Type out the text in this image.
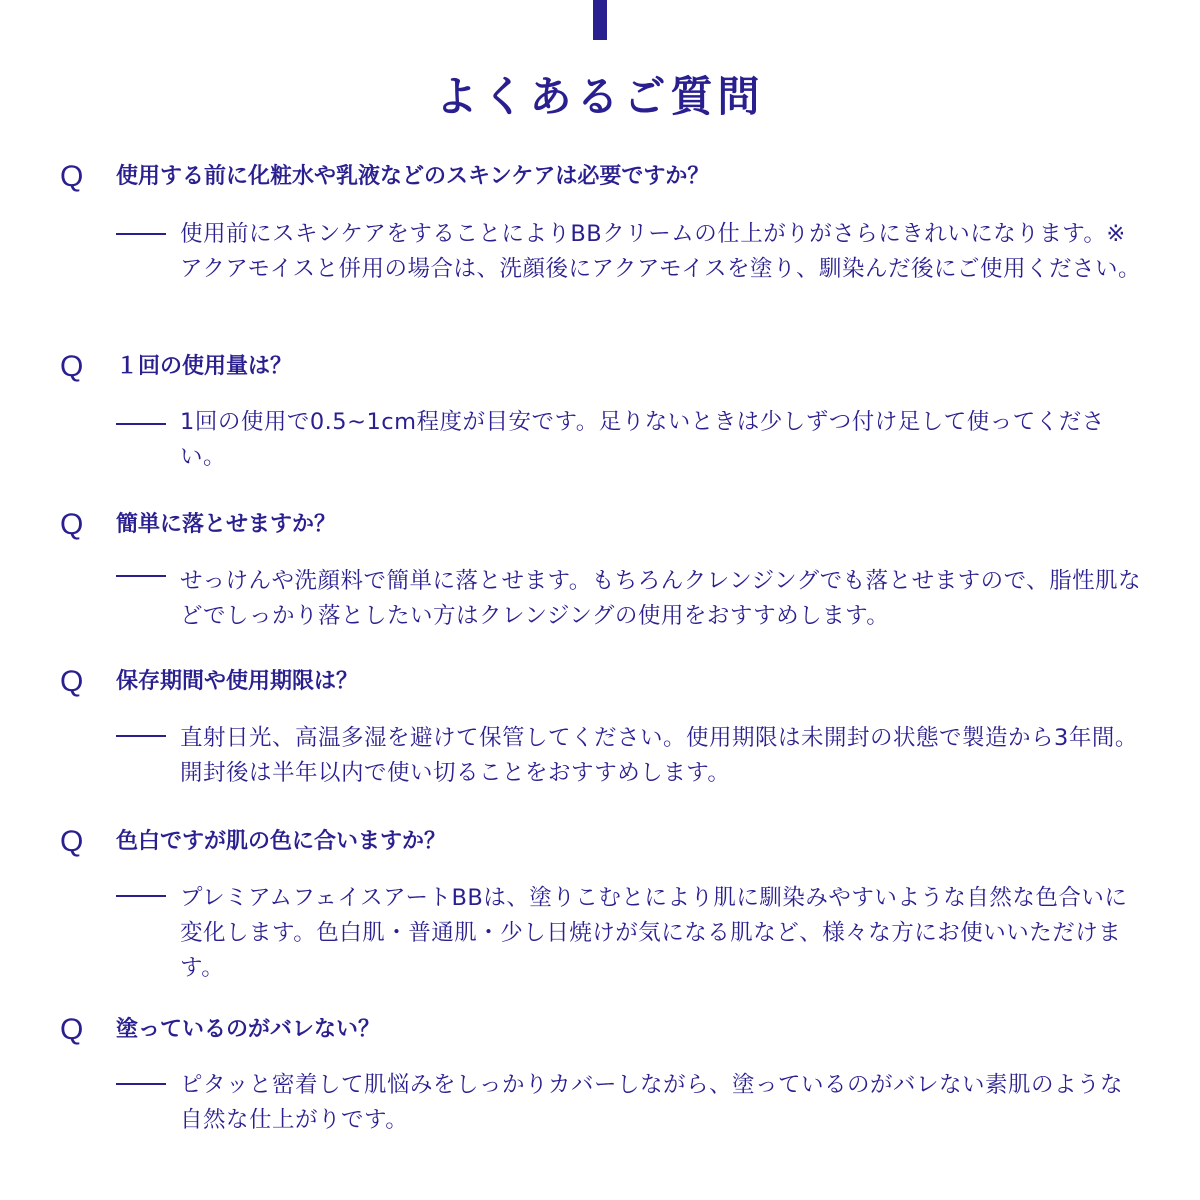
よくあるご質問
Q 使用する前に化粧水や乳液などのスキンケアは必要ですか？
使用前にスキンケアをすることによりBBクリームの仕上がりがさらにきれいになります。※アクアモイスと併用の場合は、洗顔後にアクアモイスを塗り、馴染んだ後にご使用ください。
Q １回の使用量は？
1回の使用で0.5~1cm程度が目安です。足りないときは少しずつ付け足して使ってください。
Q 簡単に落とせますか？
せっけんや洗顔料で簡単に落とせます。もちろんクレンジングでも落とせますので、脂性肌などでしっかり落としたい方はクレンジングの使用をおすすめします。
Q 保存期間や使用期限は？
直射日光、高温多湿を避けて保管してください。使用期限は未開封の状態で製造から3年間。開封後は半年以内で使い切ることをおすすめします。
Q 色白ですが肌の色に合いますか？
プレミアムフェイスアートBBは、塗りこむとにより肌に馴染みやすいような自然な色合いに変化します。色白肌・普通肌・少し日焼けが気になる肌など、様々な方にお使いいただけます。
Q 塗っているのがバレない？
ピタッと密着して肌悩みをしっかりカバーしながら、塗っているのがバレない素肌のような自然な仕上がりです。
